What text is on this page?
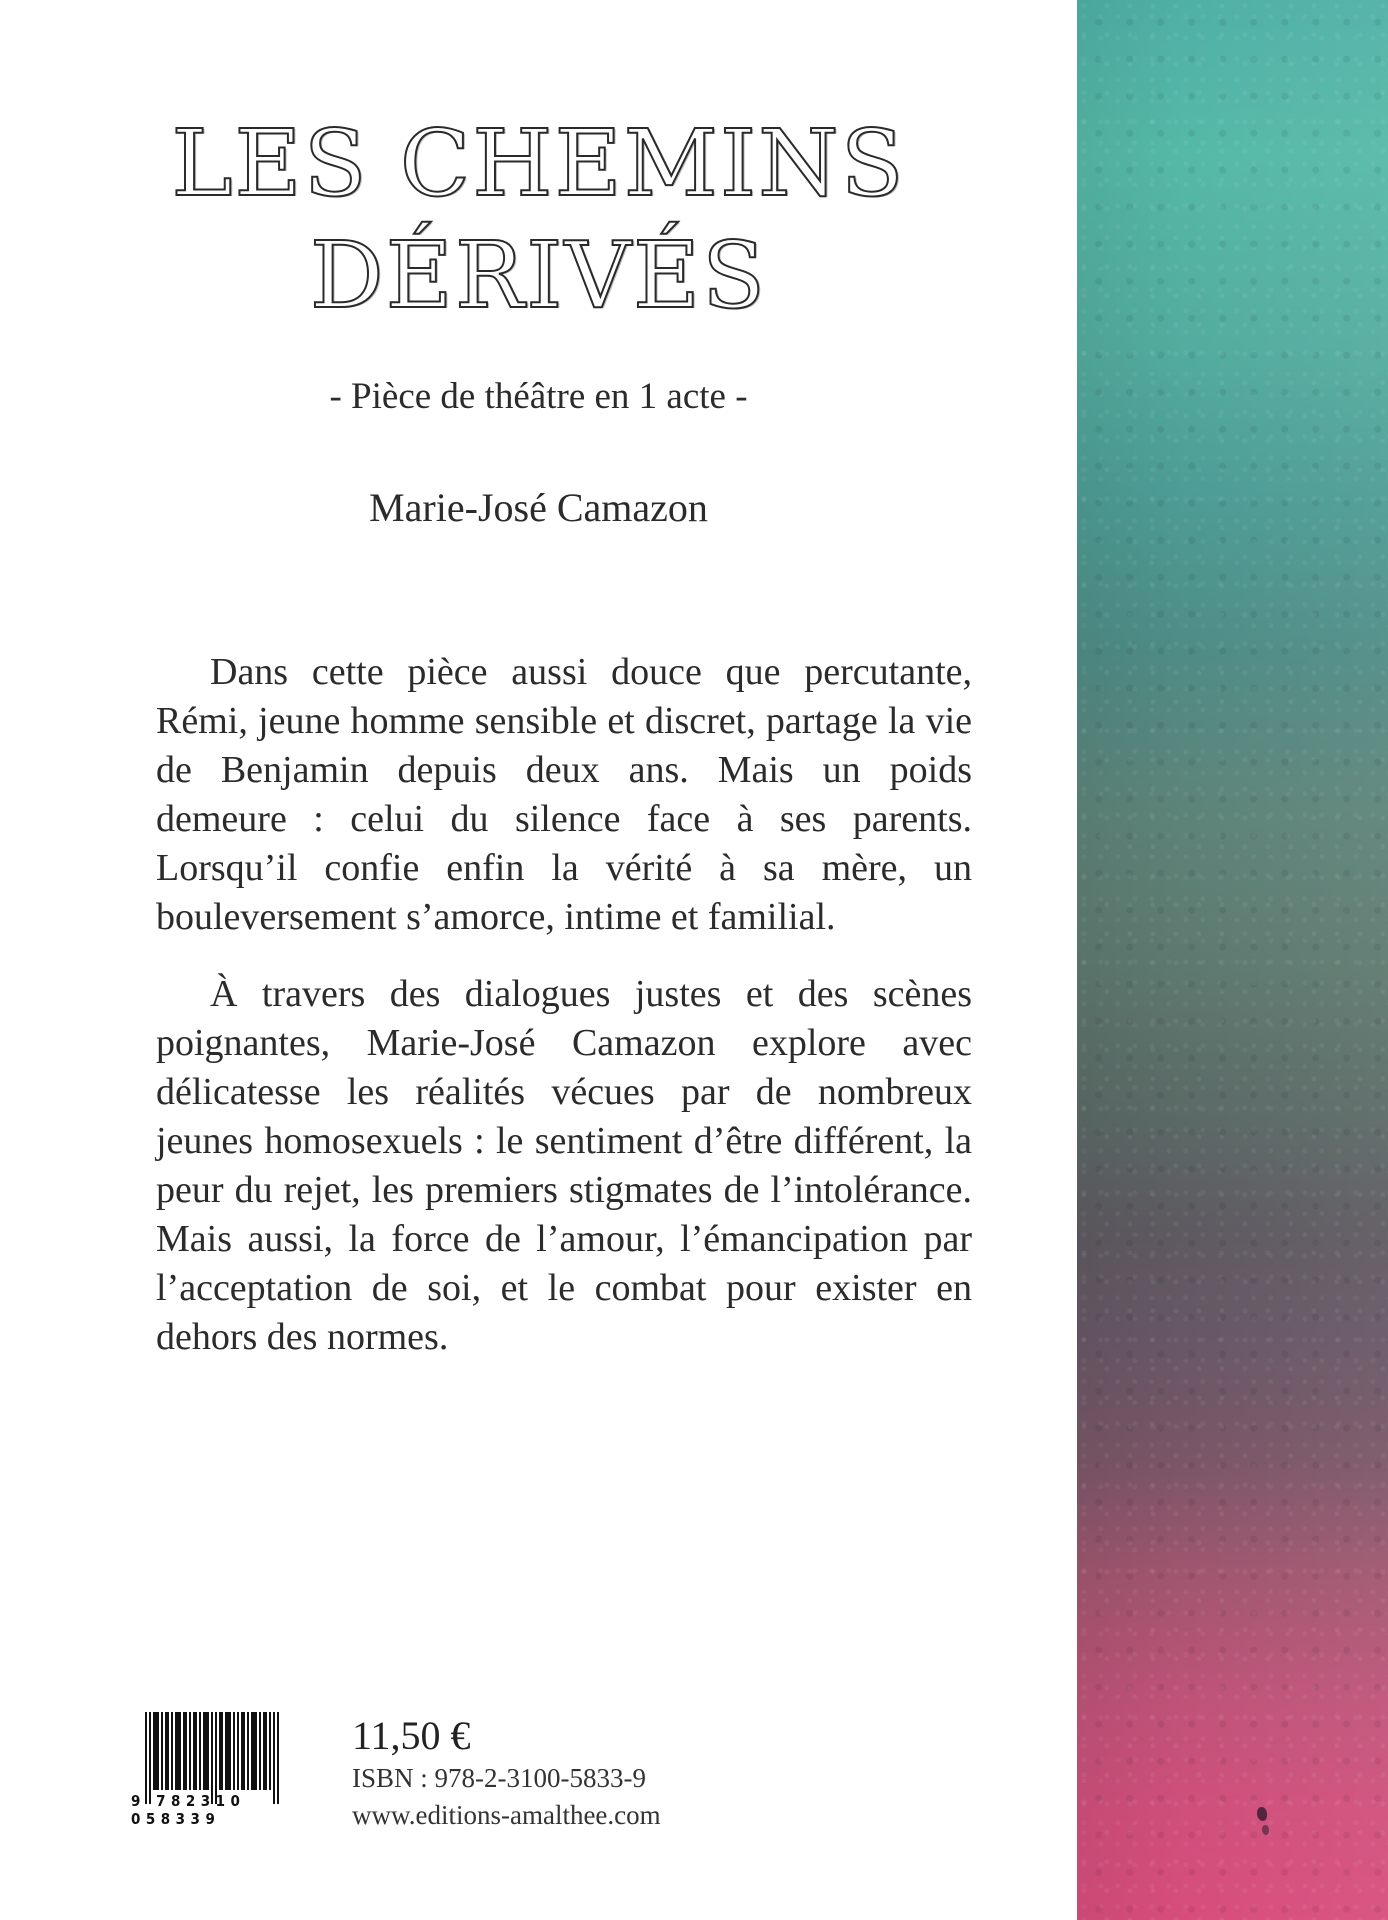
LES CHEMINS
DÉRIVÉS
- Pièce de théâtre en 1 acte -
Marie-José Camazon

Dans cette pièce aussi douce que percutante, Rémi, jeune homme sensible et discret, partage la vie de Benjamin depuis deux ans. Mais un poids demeure : celui du silence face à ses parents. Lorsqu’il confie enfin la vérité à sa mère, un bouleversement s’amorce, intime et familial.

À travers des dialogues justes et des scènes poignantes, Marie-José Camazon explore avec délicatesse les réalités vécues par de nombreux jeunes homosexuels : le sentiment d’être différent, la peur du rejet, les premiers stigmates de l’intolérance. Mais aussi, la force de l’amour, l’émancipation par l’acceptation de soi, et le combat pour exister en dehors des normes.

9 782310 058339
11,50 €
ISBN : 978-2-3100-5833-9
www.editions-amalthee.com
